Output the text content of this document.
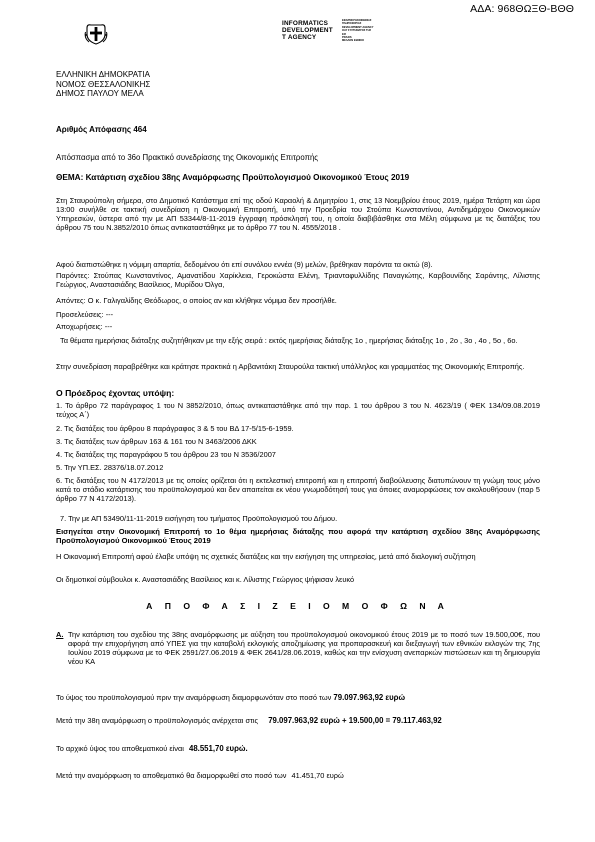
ΑΔΑ: 968ΘΩΞΘ-ΒΘΘ
INFORMATICS
DEVELOPMENT
T AGENCY
ΕΦΑΡΜΟΓΗΚΟΙΝΩΝΙΑΣ
ΠΛΗΡΟΦΟΡΙΑΣ
DEVELOPMENT AGENCY
ΟΑΥ ΣΥΣΤΗΜΑΤΟΣ ΤΗΣ
ΕΙΣ
PRAXIS
ΜΕΛΛΟΝ ΕΘΝΙΚΟ
ΕΛΛΗΝΙΚΗ ΔΗΜΟΚΡΑΤΙΑ
ΝΟΜΟΣ ΘΕΣΣΑΛΟΝΙΚΗΣ
ΔΗΜΟΣ ΠΑΥΛΟΥ ΜΕΛΑ
Αριθμός Απόφασης 464
Απόσπασμα από το 36ο Πρακτικό συνεδρίασης της Οικονομικής Επιτροπής
ΘΕΜΑ: Κατάρτιση σχεδίου 38ης Αναμόρφωσης Προϋπολογισμού Οικονομικού Έτους 2019
Στη Σταυρούπολη σήμερα, στο Δημοτικό Κατάστημα επί της οδού Καραολή & Δημητρίου 1, στις 13 Νοεμβρίου έτους 2019, ημέρα Τετάρτη και ώρα 13:00 συνήλθε σε τακτική συνεδρίαση η Οικονομική Επιτροπή, υπό την Προεδρία του Στούπα Κωνσταντίνου, Αντιδημάρχου Οικονομικών Υπηρεσιών, ύστερα από την με ΑΠ 53344/8-11-2019 έγγραφη πρόσκλησή του, η οποία διαβιβάσθηκε στα Μέλη σύμφωνα με τις διατάξεις του άρθρου 75 του Ν.3852/2010 όπως αντικαταστάθηκε με το άρθρο 77 του Ν. 4555/2018 .
Αφού διαπιστώθηκε η νόμιμη απαρτία, δεδομένου ότι επί συνόλου εννέα (9) μελών, βρέθηκαν παρόντα τα οκτώ (8).
Παρόντες: Στούπας Κωνσταντίνος, Αμανατίδου Χαρίκλεια, Γεροκώστα Ελένη, Τριανταφυλλίδης Παναγιώτης, Καρβουνίδης Σαράντης, Λίλιστης Γεώργιος, Αναστασιάδης Βασίλειος, Μυρίδου Όλγα,
Απόντες: Ο κ. Γαλιγαλίδης Θεόδωρος, ο οποίος αν και κλήθηκε νόμιμα δεν προσήλθε.
Προσελεύσεις: ---
Αποχωρήσεις: ---
Τα θέματα ημερήσιας διάταξης συζητήθηκαν με την εξής σειρά : εκτός ημερήσιας διάταξης 1ο , ημερήσιας διάταξης 1ο , 2ο , 3ο , 4ο , 5ο , 6ο.
Στην συνεδρίαση παραβρέθηκε και κράτησε πρακτικά η Αρβανιτάκη Σταυρούλα τακτική υπάλληλος και γραμματέας της Οικονομικής Επιτροπής.
Ο Πρόεδρος έχοντας υπόψη:
1. Το άρθρο 72 παράγραφος 1 του Ν 3852/2010, όπως αντικαταστάθηκε από την παρ. 1 του άρθρου 3 του Ν. 4623/19 ( ΦΕΚ 134/09.08.2019 τεύχος Α΄)
2. Τις διατάξεις του άρθρου 8 παράγραφος 3 & 5 του ΒΔ 17-5/15-6-1959.
3. Τις διατάξεις των άρθρων 163 & 161 του Ν 3463/2006 ΔΚΚ
4. Τις διατάξεις της παραγράφου 5 του άρθρου 23 του Ν 3536/2007
5. Την ΥΠ.ΕΣ. 28376/18.07.2012
6. Τις διατάξεις του Ν 4172/2013 με τις οποίες ορίζεται ότι η εκτελεστική επιτροπή και η επιτροπή διαβούλευσης διατυπώνουν τη γνώμη τους μόνο κατά το στάδιο κατάρτισης του προϋπολογισμού και δεν απαιτείται εκ νέου γνωμοδότησή τους για όποιες αναμορφώσεις τον ακολουθήσουν (παρ 5 άρθρο 77 Ν 4172/2013).
7. Την με ΑΠ 53490/11-11-2019 εισήγηση του τμήματος Προϋπολογισμού του Δήμου.
Εισηγείται στην Οικονομική Επιτροπή το 1ο θέμα ημερήσιας διάταξης που αφορά την κατάρτιση σχεδίου 38ης Αναμόρφωσης Προϋπολογισμού Οικονομικού Έτους 2019
Η Οικονομική Επιτροπή αφού έλαβε υπόψη τις σχετικές διατάξεις και την εισήγηση της υπηρεσίας, μετά από διαλογική συζήτηση
Οι δημοτικοί σύμβουλοι κ. Αναστασιάδης Βασίλειος και κ. Λίλιστης Γεώργιος ψήφισαν λευκό
Α Π Ο Φ Α Σ Ι Ζ Ε Ι Ο Μ Ο Φ Ω Ν Α
Α. Την κατάρτιση του σχεδίου της 38ης αναμόρφωσης με αύξηση του προϋπολογισμού οικονομικού έτους 2019 με το ποσό των 19.500,00€, που αφορά την επιχορήγηση από ΥΠΕΣ για την καταβολή εκλογικής αποζημίωσης για προπαρασκευή και διεξαγωγή των εθνικών εκλογών της 7ης Ιουλίου 2019 σύμφωνα με το ΦΕΚ 2591/27.06.2019 & ΦΕΚ 2641/28.06.2019, καθώς και την ενίσχυση ανεπαρκών πιστώσεων και τη δημιουργία νέου ΚΑ
Το ύψος του προϋπολογισμού πριν την αναμόρφωση διαμορφωνόταν στο ποσό των 79.097.963,92 ευρώ
Μετά την 38η αναμόρφωση ο προϋπολογισμός ανέρχεται στις 79.097.963,92 ευρώ + 19.500,00 = 79.117.463,92
Το αρχικό ύψος του αποθεματικού είναι 48.551,70 ευρώ.
Μετά την αναμόρφωση το αποθεματικό θα διαμορφωθεί στο ποσό των 41.451,70 ευρώ
